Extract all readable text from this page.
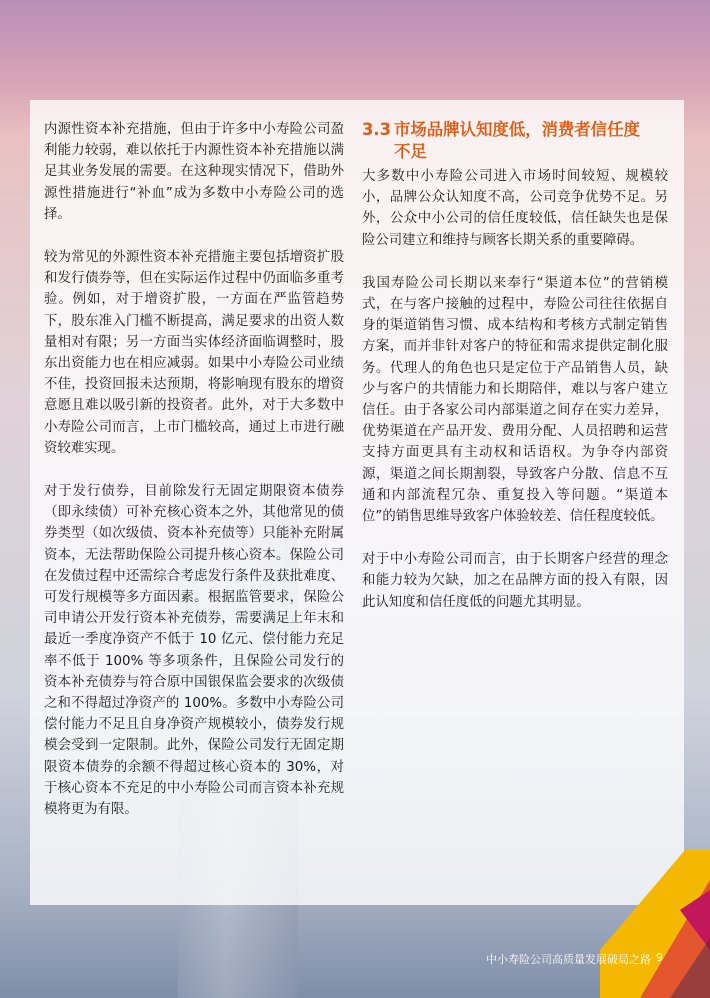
内源性资本补充措施，但由于许多中小寿险公司盈利能力较弱，难以依托于内源性资本补充措施以满足其业务发展的需要。在这种现实情况下，借助外源性措施进行“补血”成为多数中小寿险公司的选择。

较为常见的外源性资本补充措施主要包括增资扩股和发行债券等，但在实际运作过程中仍面临多重考验。例如，对于增资扩股，一方面在严监管趋势下，股东准入门槛不断提高，满足要求的出资人数量相对有限；另一方面当实体经济面临调整时，股东出资能力也在相应减弱。如果中小寿险公司业绩不佳，投资回报未达预期，将影响现有股东的增资意愿且难以吸引新的投资者。此外，对于大多数中小寿险公司而言，上市门槛较高，通过上市进行融资较难实现。

对于发行债券，目前除发行无固定期限资本债券（即永续债）可补充核心资本之外，其他常见的债券类型（如次级债、资本补充债等）只能补充附属资本，无法帮助保险公司提升核心资本。保险公司在发债过程中还需综合考虑发行条件及获批难度、可发行规模等多方面因素。根据监管要求，保险公司申请公开发行资本补充债券，需要满足上年末和最近一季度净资产不低于 10 亿元、偿付能力充足率不低于 100% 等多项条件，且保险公司发行的资本补充债券与符合原中国银保监会要求的次级债之和不得超过净资产的 100%。多数中小寿险公司偿付能力不足且自身净资产规模较小，债券发行规模会受到一定限制。此外，保险公司发行无固定期限资本债券的余额不得超过核心资本的 30%，对于核心资本不充足的中小寿险公司而言资本补充规模将更为有限。

3.3 市场品牌认知度低，消费者信任度
不足

大多数中小寿险公司进入市场时间较短、规模较小，品牌公众认知度不高，公司竞争优势不足。另外，公众中小公司的信任度较低，信任缺失也是保险公司建立和维持与顾客长期关系的重要障碍。

我国寿险公司长期以来奉行“渠道本位”的营销模式，在与客户接触的过程中，寿险公司往往依据自身的渠道销售习惯、成本结构和考核方式制定销售方案，而并非针对客户的特征和需求提供定制化服务。代理人的角色也只是定位于产品销售人员，缺少与客户的共情能力和长期陪伴，难以与客户建立信任。由于各家公司内部渠道之间存在实力差异，优势渠道在产品开发、费用分配、人员招聘和运营支持方面更具有主动权和话语权。为争夺内部资源，渠道之间长期割裂，导致客户分散、信息不互通和内部流程冗杂、重复投入等问题。“渠道本位”的销售思维导致客户体验较差、信任程度较低。

对于中小寿险公司而言，由于长期客户经营的理念和能力较为欠缺，加之在品牌方面的投入有限，因此认知度和信任度低的问题尤其明显。

中小寿险公司高质量发展破局之路 9
